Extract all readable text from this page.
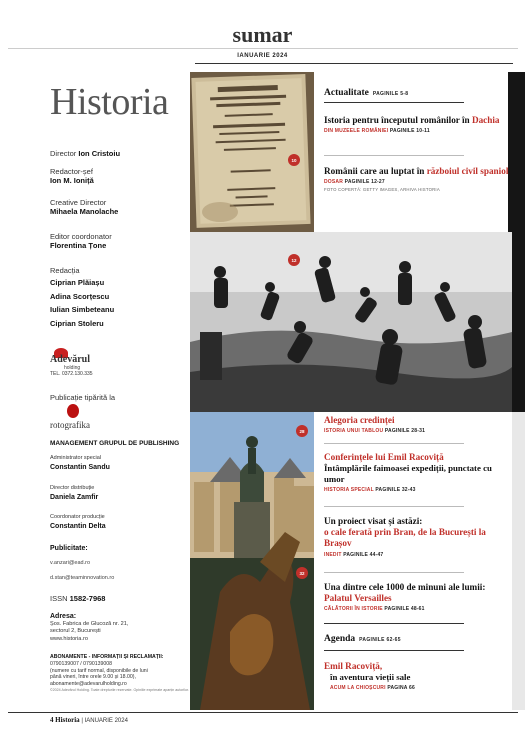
sumar
IANUARIE 2024
Historia
Director Ion Cristoiu
Redactor-șef
Ion M. Ioniță
Creative Director
Mihaela Manolache
Editor coordonator
Florentina Țone
Redacția
Ciprian Plăiașu
Adina Scorțescu
Iulian Simbeteanu
Ciprian Stoleru
Adevărul
holding
TEL. 0372.130.335
Publicație tipărită la
rotografika
MANAGEMENT GRUPUL DE PUBLISHING
Administrator special
Constantin Sandu
Director distribuție
Daniela Zamfir
Coordonator producție
Constantin Delta
Publicitate:
v.anzari@ead.ro
d.stan@teaminnovation.ro
ISSN 1582-7968
Adresa:
Șos. Fabrica de Glucoză nr. 21,
sectorul 2, București
www.historia.ro
ABONAMENTE - INFORMAȚII ȘI RECLAMAȚII:
0790139007 / 0790139008
(numere cu tarif normal, disponibile de luni
până vineri, între orele 9.00 și 18.00),
abonamente@adevarulholding.ro
©2024 Adevărul Holding. Toate drepturile rezervate. Opiniile exprimate aparțin autorilor.
10
12
28
32
Actualitate PAGINILE 5-8
Istoria pentru începutul românilor în Dachia
DIN MUZEELE ROMÂNIEI PAGINILE 10-11
Românii care au luptat în războiul civil spaniol
DOSAR PAGINILE 12-27
FOTO COPERTĂ: GETTY IMAGES, ARHIVA HISTORIA
Alegoria credinței
ISTORIA UNUI TABLOU PAGINILE 28-31
Conferințele lui Emil Racoviță
Întâmplările faimoasei expediții, punctate cu umor
HISTORIA SPECIAL PAGINILE 32-43
Un proiect visat și astăzi:
o cale ferată prin Bran, de la București la Brașov
INEDIT PAGINILE 44-47
Una dintre cele 1000 de minuni ale lumii: Palatul Versailles
CĂLĂTORII ÎN ISTORIE PAGINILE 48-61
Agenda PAGINILE 62-65
Emil Racoviță,
în aventura vieții sale
ACUM LA CHIOȘCURI PAGINA 66
4 Historia | IANUARIE 2024
